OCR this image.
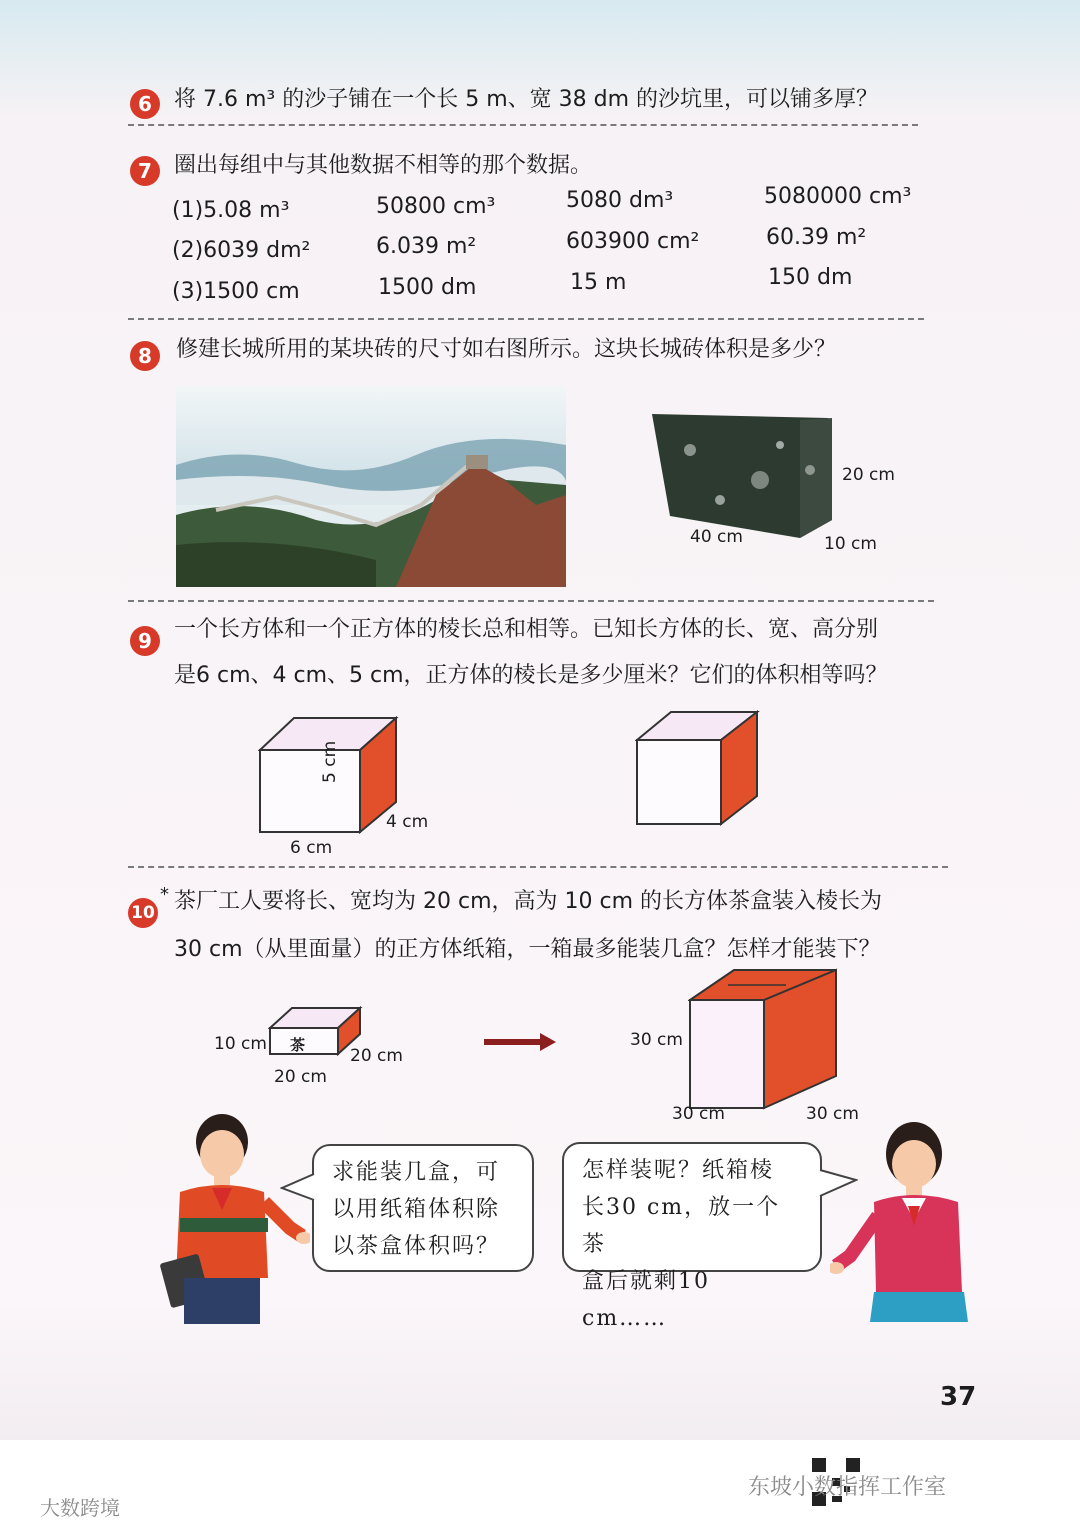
6	将 7.6 m³ 的沙子铺在一个长 5 m、宽 38 dm 的沙坑里，可以铺多厚？
7	圈出每组中与其他数据不相等的那个数据。
(1)5.08 m³	50800 cm³	5080 dm³	5080000 cm³
(2)6039 dm²	6.039 m²	603900 cm²	60.39 m²
(3)1500 cm	1500 dm	15 m	150 dm
8	修建长城所用的某块砖的尺寸如右图所示。这块长城砖体积是多少？
20 cm
40 cm	10 cm
9	一个长方体和一个正方体的棱长总和相等。已知长方体的长、宽、高分别
是6 cm、4 cm、5 cm，正方体的棱长是多少厘米？它们的体积相等吗？
5 cm
4 cm
6 cm
10
* 茶厂工人要将长、宽均为 20 cm，高为 10 cm 的长方体茶盒装入棱长为
30 cm（从里面量）的正方体纸箱，一箱最多能装几盒？怎样才能装下？
茶
10 cm
20 cm
20 cm
30 cm
30 cm	30 cm
求能装几盒，可
以用纸箱体积除
以茶盒体积吗？
怎样装呢？纸箱棱
长30 cm，放一个茶
盒后就剩10 cm……
37
大数跨境
东坡小数指挥工作室
